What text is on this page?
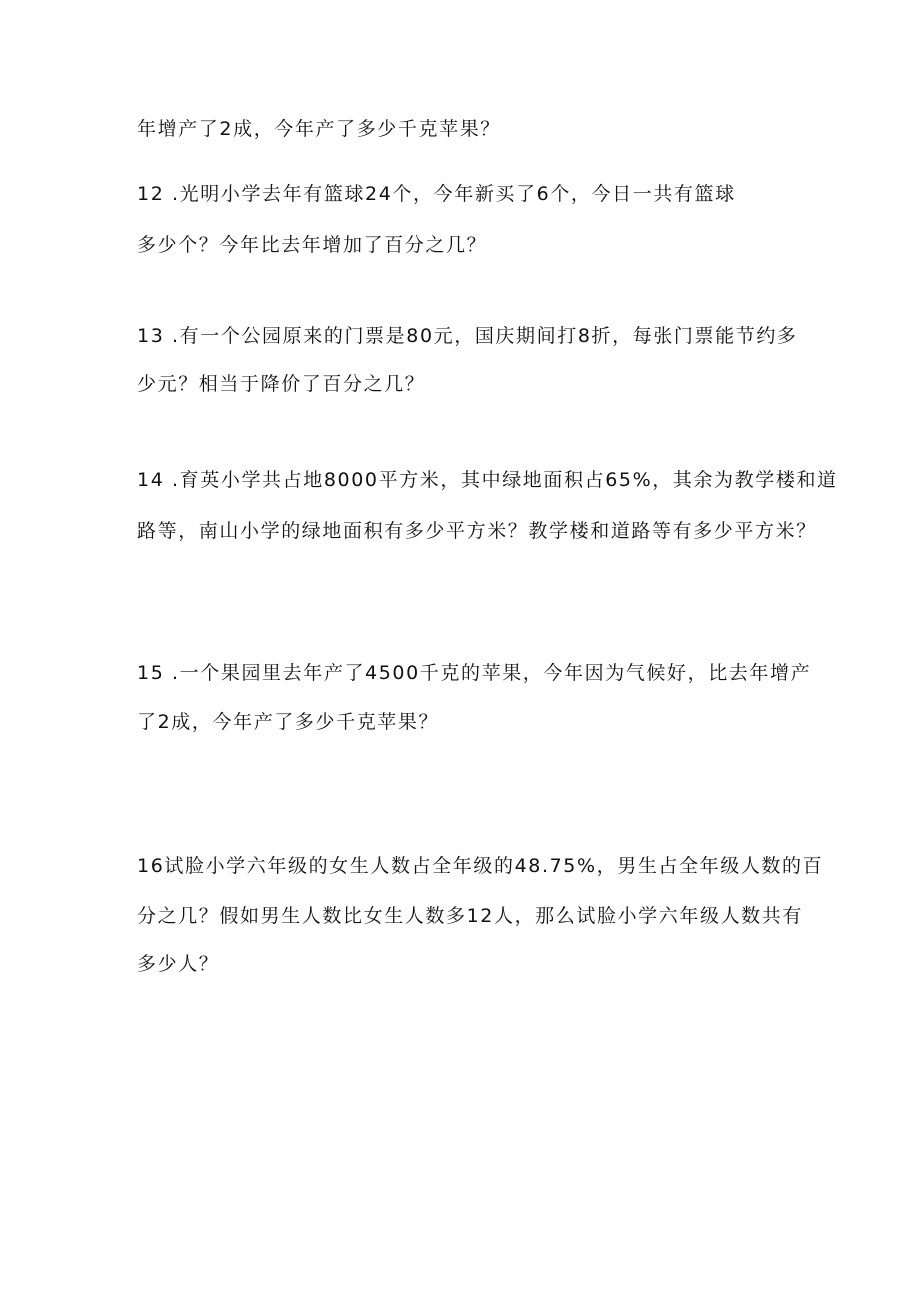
年增产了2成，今年产了多少千克苹果？
12 .光明小学去年有篮球24个，今年新买了6个，今日一共有篮球
多少个？今年比去年增加了百分之几？
13 .有一个公园原来的门票是80元，国庆期间打8折，每张门票能节约多
少元？相当于降价了百分之几？
14 .育英小学共占地8000平方米，其中绿地面积占65%，其余为教学楼和道
路等，南山小学的绿地面积有多少平方米？教学楼和道路等有多少平方米？
15 .一个果园里去年产了4500千克的苹果，今年因为气候好，比去年增产
了2成，今年产了多少千克苹果？
16试脸小学六年级的女生人数占全年级的48.75%，男生占全年级人数的百
分之几？假如男生人数比女生人数多12人，那么试脸小学六年级人数共有
多少人？
